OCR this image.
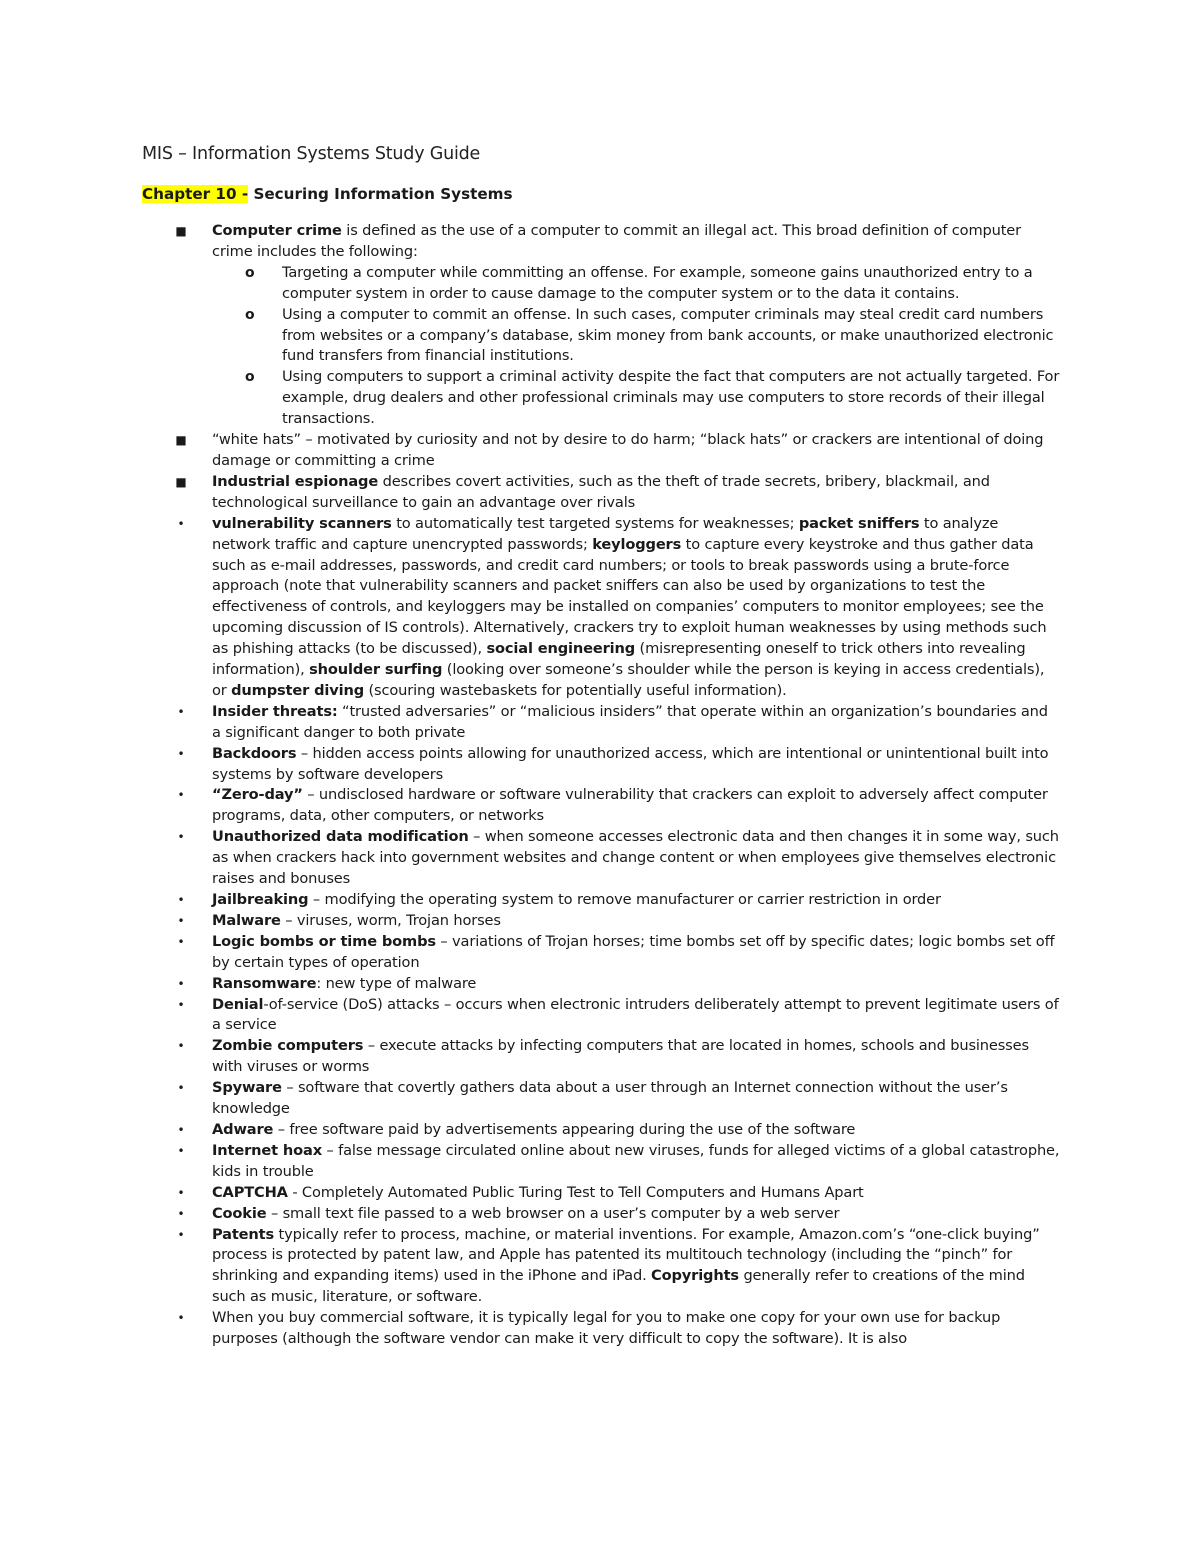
MIS – Information Systems Study Guide
Chapter 10 - Securing Information Systems
■ Computer crime is defined as the use of a computer to commit an illegal act. This broad definition of computer crime includes the following:
o Targeting a computer while committing an offense. For example, someone gains unauthorized entry to a computer system in order to cause damage to the computer system or to the data it contains.
o Using a computer to commit an offense. In such cases, computer criminals may steal credit card numbers from websites or a company’s database, skim money from bank accounts, or make unauthorized electronic fund transfers from financial institutions.
o Using computers to support a criminal activity despite the fact that computers are not actually targeted. For example, drug dealers and other professional criminals may use computers to store records of their illegal transactions.
■ “white hats” – motivated by curiosity and not by desire to do harm; “black hats” or crackers are intentional of doing damage or committing a crime
■ Industrial espionage describes covert activities, such as the theft of trade secrets, bribery, blackmail, and technological surveillance to gain an advantage over rivals
• vulnerability scanners to automatically test targeted systems for weaknesses; packet sniffers to analyze network traffic and capture unencrypted passwords; keyloggers to capture every keystroke and thus gather data such as e-mail addresses, passwords, and credit card numbers; or tools to break passwords using a brute-force approach (note that vulnerability scanners and packet sniffers can also be used by organizations to test the effectiveness of controls, and keyloggers may be installed on companies’ computers to monitor employees; see the upcoming discussion of IS controls). Alternatively, crackers try to exploit human weaknesses by using methods such as phishing attacks (to be discussed), social engineering (misrepresenting oneself to trick others into revealing information), shoulder surfing (looking over someone’s shoulder while the person is keying in access credentials), or dumpster diving (scouring wastebaskets for potentially useful information).
• Insider threats: “trusted adversaries” or “malicious insiders” that operate within an organization’s boundaries and a significant danger to both private
• Backdoors – hidden access points allowing for unauthorized access, which are intentional or unintentional built into systems by software developers
• “Zero-day” – undisclosed hardware or software vulnerability that crackers can exploit to adversely affect computer programs, data, other computers, or networks
• Unauthorized data modification – when someone accesses electronic data and then changes it in some way, such as when crackers hack into government websites and change content or when employees give themselves electronic raises and bonuses
• Jailbreaking – modifying the operating system to remove manufacturer or carrier restriction in order
• Malware – viruses, worm, Trojan horses
• Logic bombs or time bombs – variations of Trojan horses; time bombs set off by specific dates; logic bombs set off by certain types of operation
• Ransomware: new type of malware
• Denial-of-service (DoS) attacks – occurs when electronic intruders deliberately attempt to prevent legitimate users of a service
• Zombie computers – execute attacks by infecting computers that are located in homes, schools and businesses with viruses or worms
• Spyware – software that covertly gathers data about a user through an Internet connection without the user’s knowledge
• Adware – free software paid by advertisements appearing during the use of the software
• Internet hoax – false message circulated online about new viruses, funds for alleged victims of a global catastrophe, kids in trouble
• CAPTCHA - Completely Automated Public Turing Test to Tell Computers and Humans Apart
• Cookie – small text file passed to a web browser on a user’s computer by a web server
• Patents typically refer to process, machine, or material inventions. For example, Amazon.com’s “one-click buying” process is protected by patent law, and Apple has patented its multitouch technology (including the “pinch” for shrinking and expanding items) used in the iPhone and iPad. Copyrights generally refer to creations of the mind such as music, literature, or software.
• When you buy commercial software, it is typically legal for you to make one copy for your own use for backup purposes (although the software vendor can make it very difficult to copy the software). It is also
